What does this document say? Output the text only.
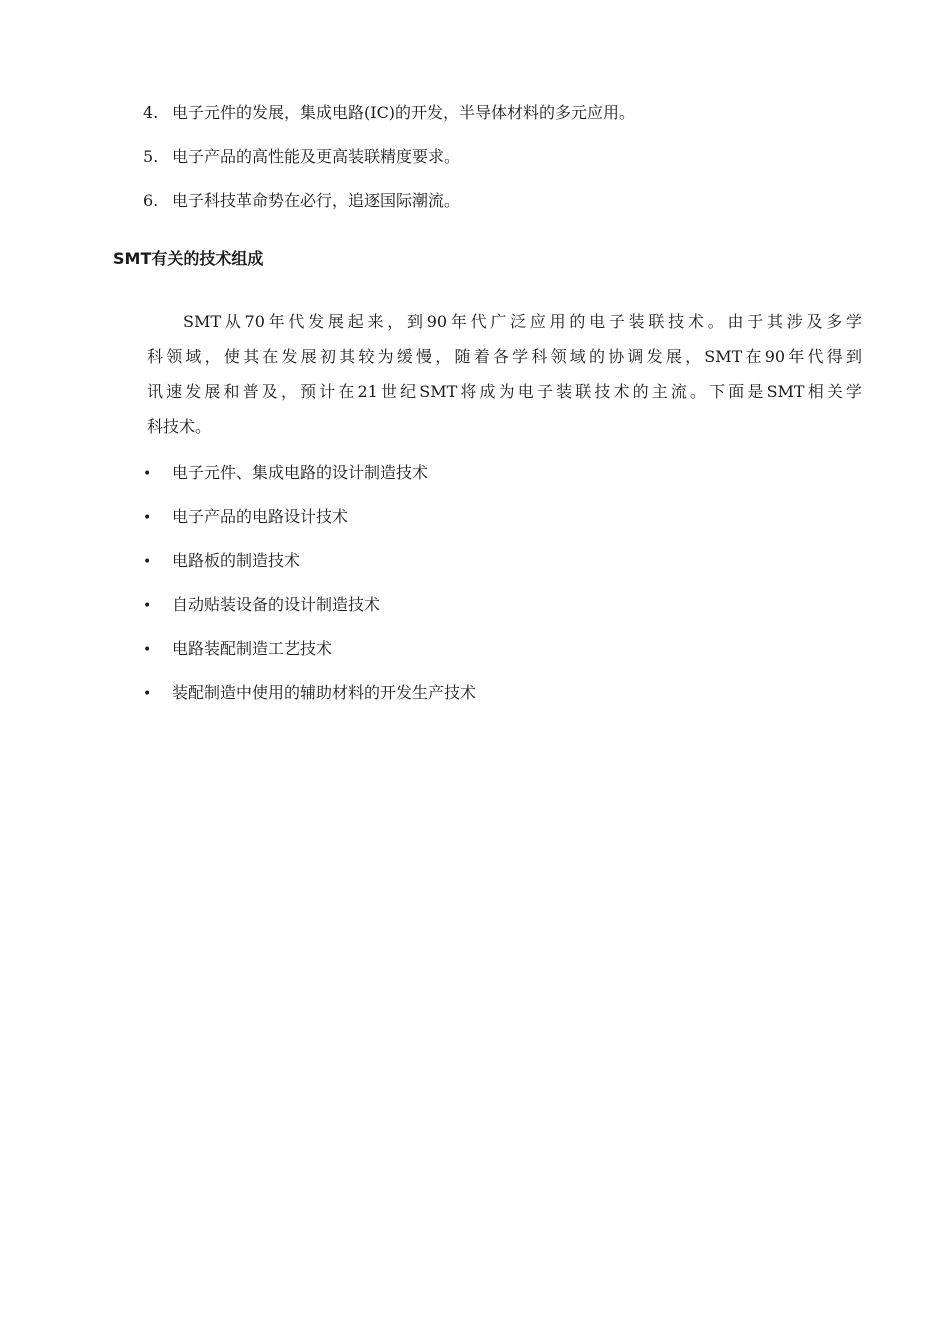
4. 电子元件的发展，集成电路(IC)的开发，半导体材料的多元应用。
5. 电子产品的高性能及更高装联精度要求。
6. 电子科技革命势在必行，追逐国际潮流。
SMT有关的技术组成
SMT从70年代发展起来，到90年代广泛应用的电子装联技术。由于其涉及多学
科领域，使其在发展初其较为缓慢，随着各学科领域的协调发展，SMT在90年代得到
讯速发展和普及，预计在21世纪SMT将成为电子装联技术的主流。下面是SMT相关学
科技术。
• 电子元件、集成电路的设计制造技术
• 电子产品的电路设计技术
• 电路板的制造技术
• 自动贴装设备的设计制造技术
• 电路装配制造工艺技术
• 装配制造中使用的辅助材料的开发生产技术
